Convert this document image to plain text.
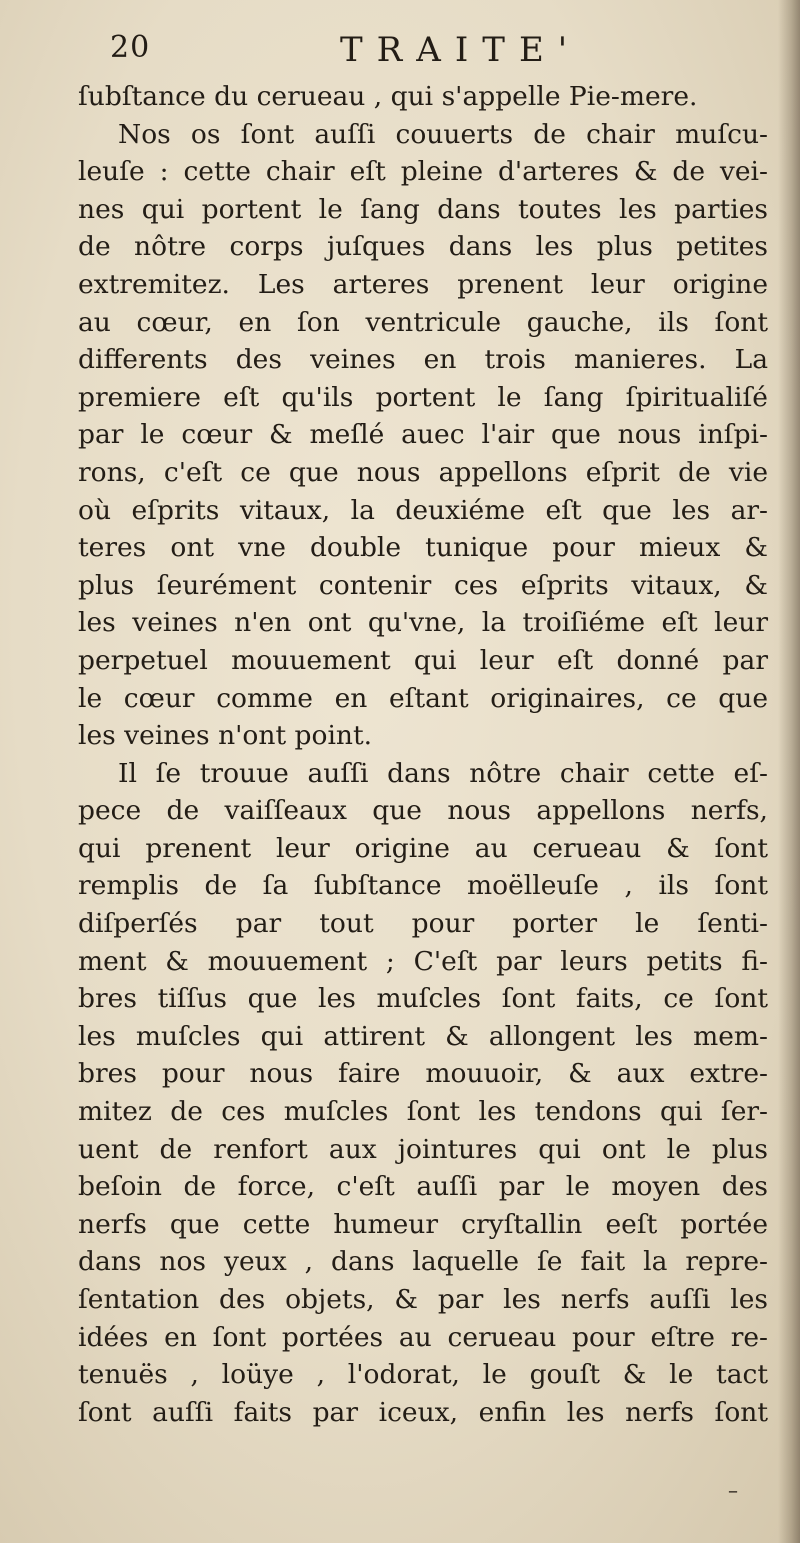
20	TRAITE'
ſubſtance du cerueau , qui s'appelle Pie-mere.
Nos os ſont auſſi couuerts de chair muſcu-
leuſe : cette chair eſt pleine d'arteres & de vei-
nes qui portent le ſang dans toutes les parties
de nôtre corps juſques dans les plus petites
extremitez. Les arteres prenent leur origine
au cœur, en ſon ventricule gauche, ils ſont
differents des veines en trois manieres. La
premiere eſt qu'ils portent le ſang ſpiritualiſé
par le cœur & meſlé auec l'air que nous inſpi-
rons, c'eſt ce que nous appellons eſprit de vie
où eſprits vitaux, la deuxiéme eſt que les ar-
teres ont vne double tunique pour mieux &
plus ſeurément contenir ces eſprits vitaux, &
les veines n'en ont qu'vne, la troiſiéme eſt leur
perpetuel mouuement qui leur eſt donné par
le cœur comme en eſtant originaires, ce que
les veines n'ont point.
Il ſe trouue auſſi dans nôtre chair cette eſ-
pece de vaiſſeaux que nous appellons nerfs,
qui prenent leur origine au cerueau & ſont
remplis de ſa ſubſtance moëlleuſe , ils ſont
diſperſés par tout pour porter le ſenti-
ment & mouuement ; C'eſt par leurs petits fi-
bres tiſſus que les muſcles ſont faits, ce ſont
les muſcles qui attirent & allongent les mem-
bres pour nous faire mouuoir, & aux extre-
mitez de ces muſcles ſont les tendons qui ſer-
uent de renfort aux jointures qui ont le plus
beſoin de force, c'eſt auſſi par le moyen des
nerfs que cette humeur cryſtallin eeſt portée
dans nos yeux , dans laquelle ſe fait la repre-
ſentation des objets, & par les nerfs auſſi les
idées en ſont portées au cerueau pour eſtre re-
tenuës , loüye , l'odorat, le gouſt & le tact
ſont auſſi faits par iceux, enfin les nerfs ſont
–
